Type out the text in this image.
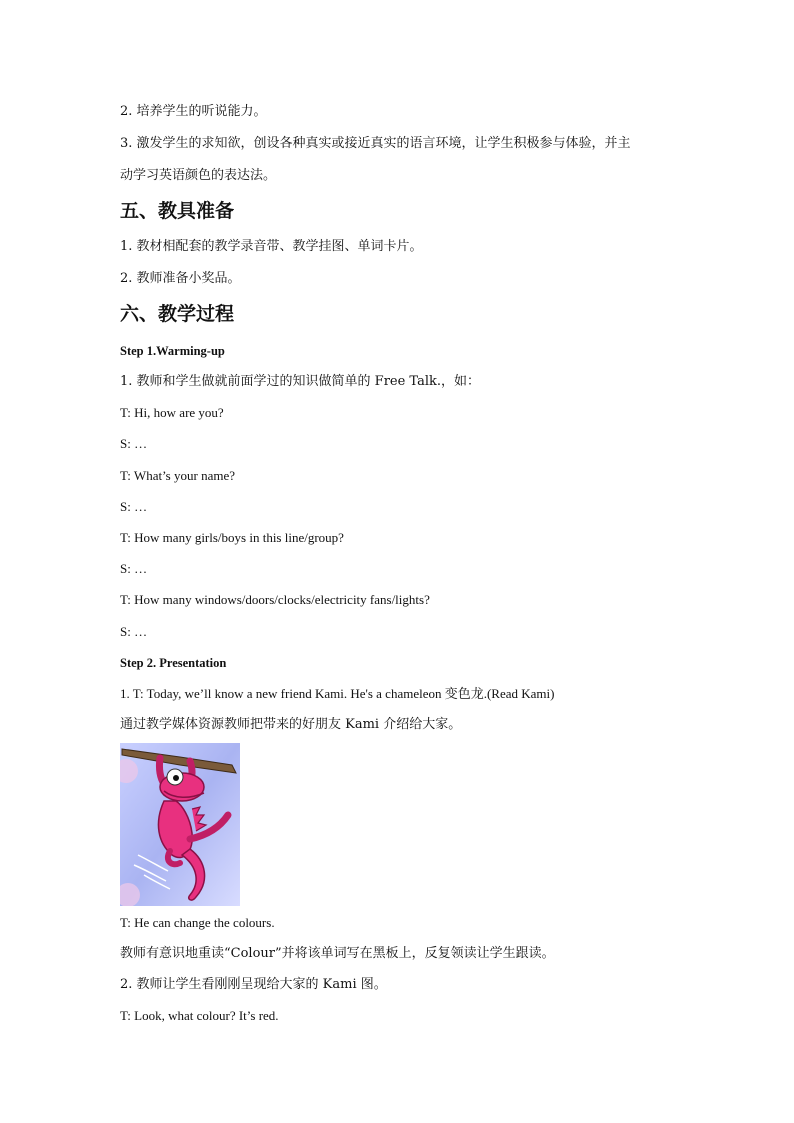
2. 培养学生的听说能力。
3. 激发学生的求知欲，创设各种真实或接近真实的语言环境，让学生积极参与体验，并主
动学习英语颜色的表达法。
五、教具准备
1. 教材相配套的教学录音带、教学挂图、单词卡片。
2. 教师准备小奖品。
六、教学过程
Step 1.Warming-up
1. 教师和学生做就前面学过的知识做简单的 Free Talk.，如：
T: Hi, how are you?
S: …
T: What’s your name?
S: …
T: How many girls/boys in this line/group?
S: …
T: How many windows/doors/clocks/electricity fans/lights?
S: …
Step 2. Presentation
1. T: Today, we’ll know a new friend Kami. He's a chameleon 变色龙.(Read Kami)
通过教学媒体资源教师把带来的好朋友 Kami 介绍给大家。
T: He can change the colours.
教师有意识地重读“Colour”并将该单词写在黑板上，反复领读让学生跟读。
2. 教师让学生看刚刚呈现给大家的 Kami 图。
T: Look, what colour? It’s red.
